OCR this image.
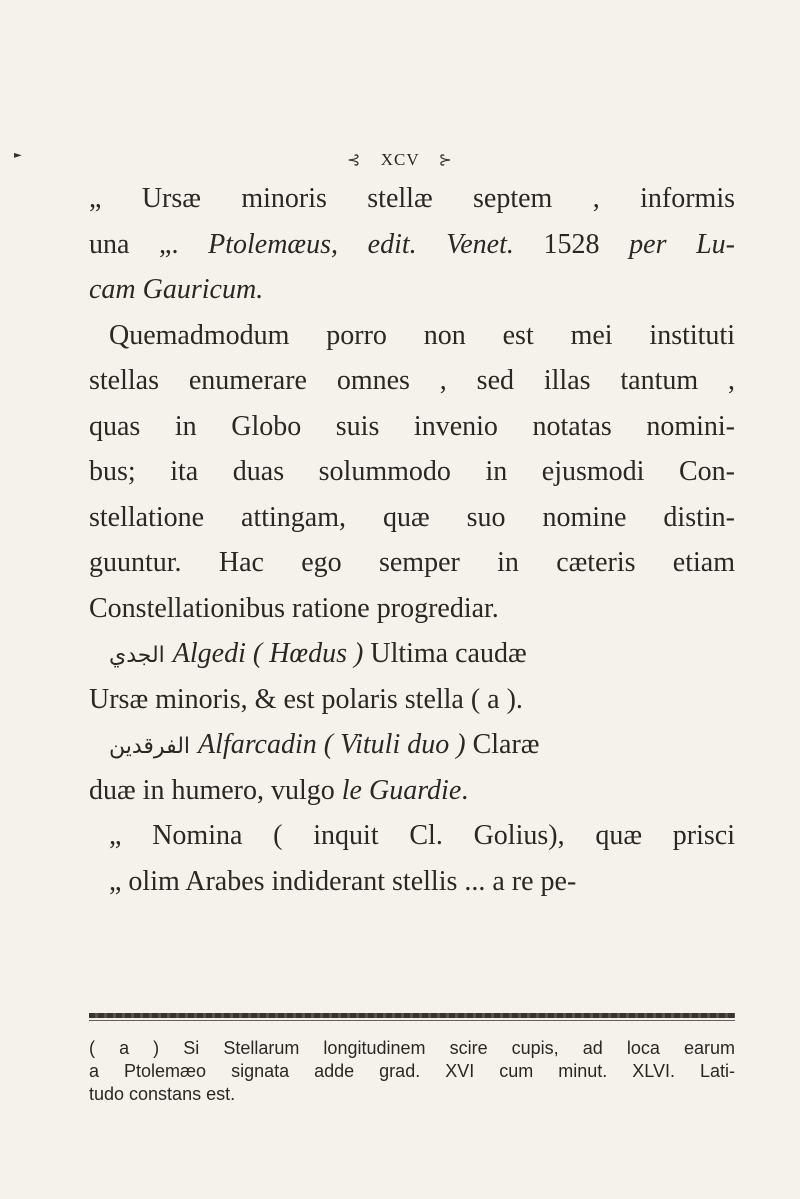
►	⊰ XCV ⊱
„ Ursæ minoris stellæ septem , informis
una „. Ptolemæus, edit. Venet. 1528 per Lu-
cam Gauricum.
Quemadmodum porro non est mei instituti
stellas enumerare omnes , sed illas tantum ,
quas in Globo suis invenio notatas nomini-
bus; ita duas solummodo in ejusmodi Con-
stellatione attingam, quæ suo nomine distin-
guuntur. Hac ego semper in cæteris etiam
Constellationibus ratione progrediar.
الجدي Algedi ( Hœdus ) Ultima caudæ
Ursæ minoris, & est polaris stella ( a ).
الفرقدين Alfarcadin ( Vituli duo ) Claræ
duæ in humero, vulgo le Guardie.
„ Nomina ( inquit Cl. Golius), quæ prisci
„ olim Arabes indiderant stellis ... a re pe-
( a ) Si Stellarum longitudinem scire cupis, ad loca earum
a Ptolemæo signata adde grad. XVI cum minut. XLVI. Lati-
tudo constans est.
